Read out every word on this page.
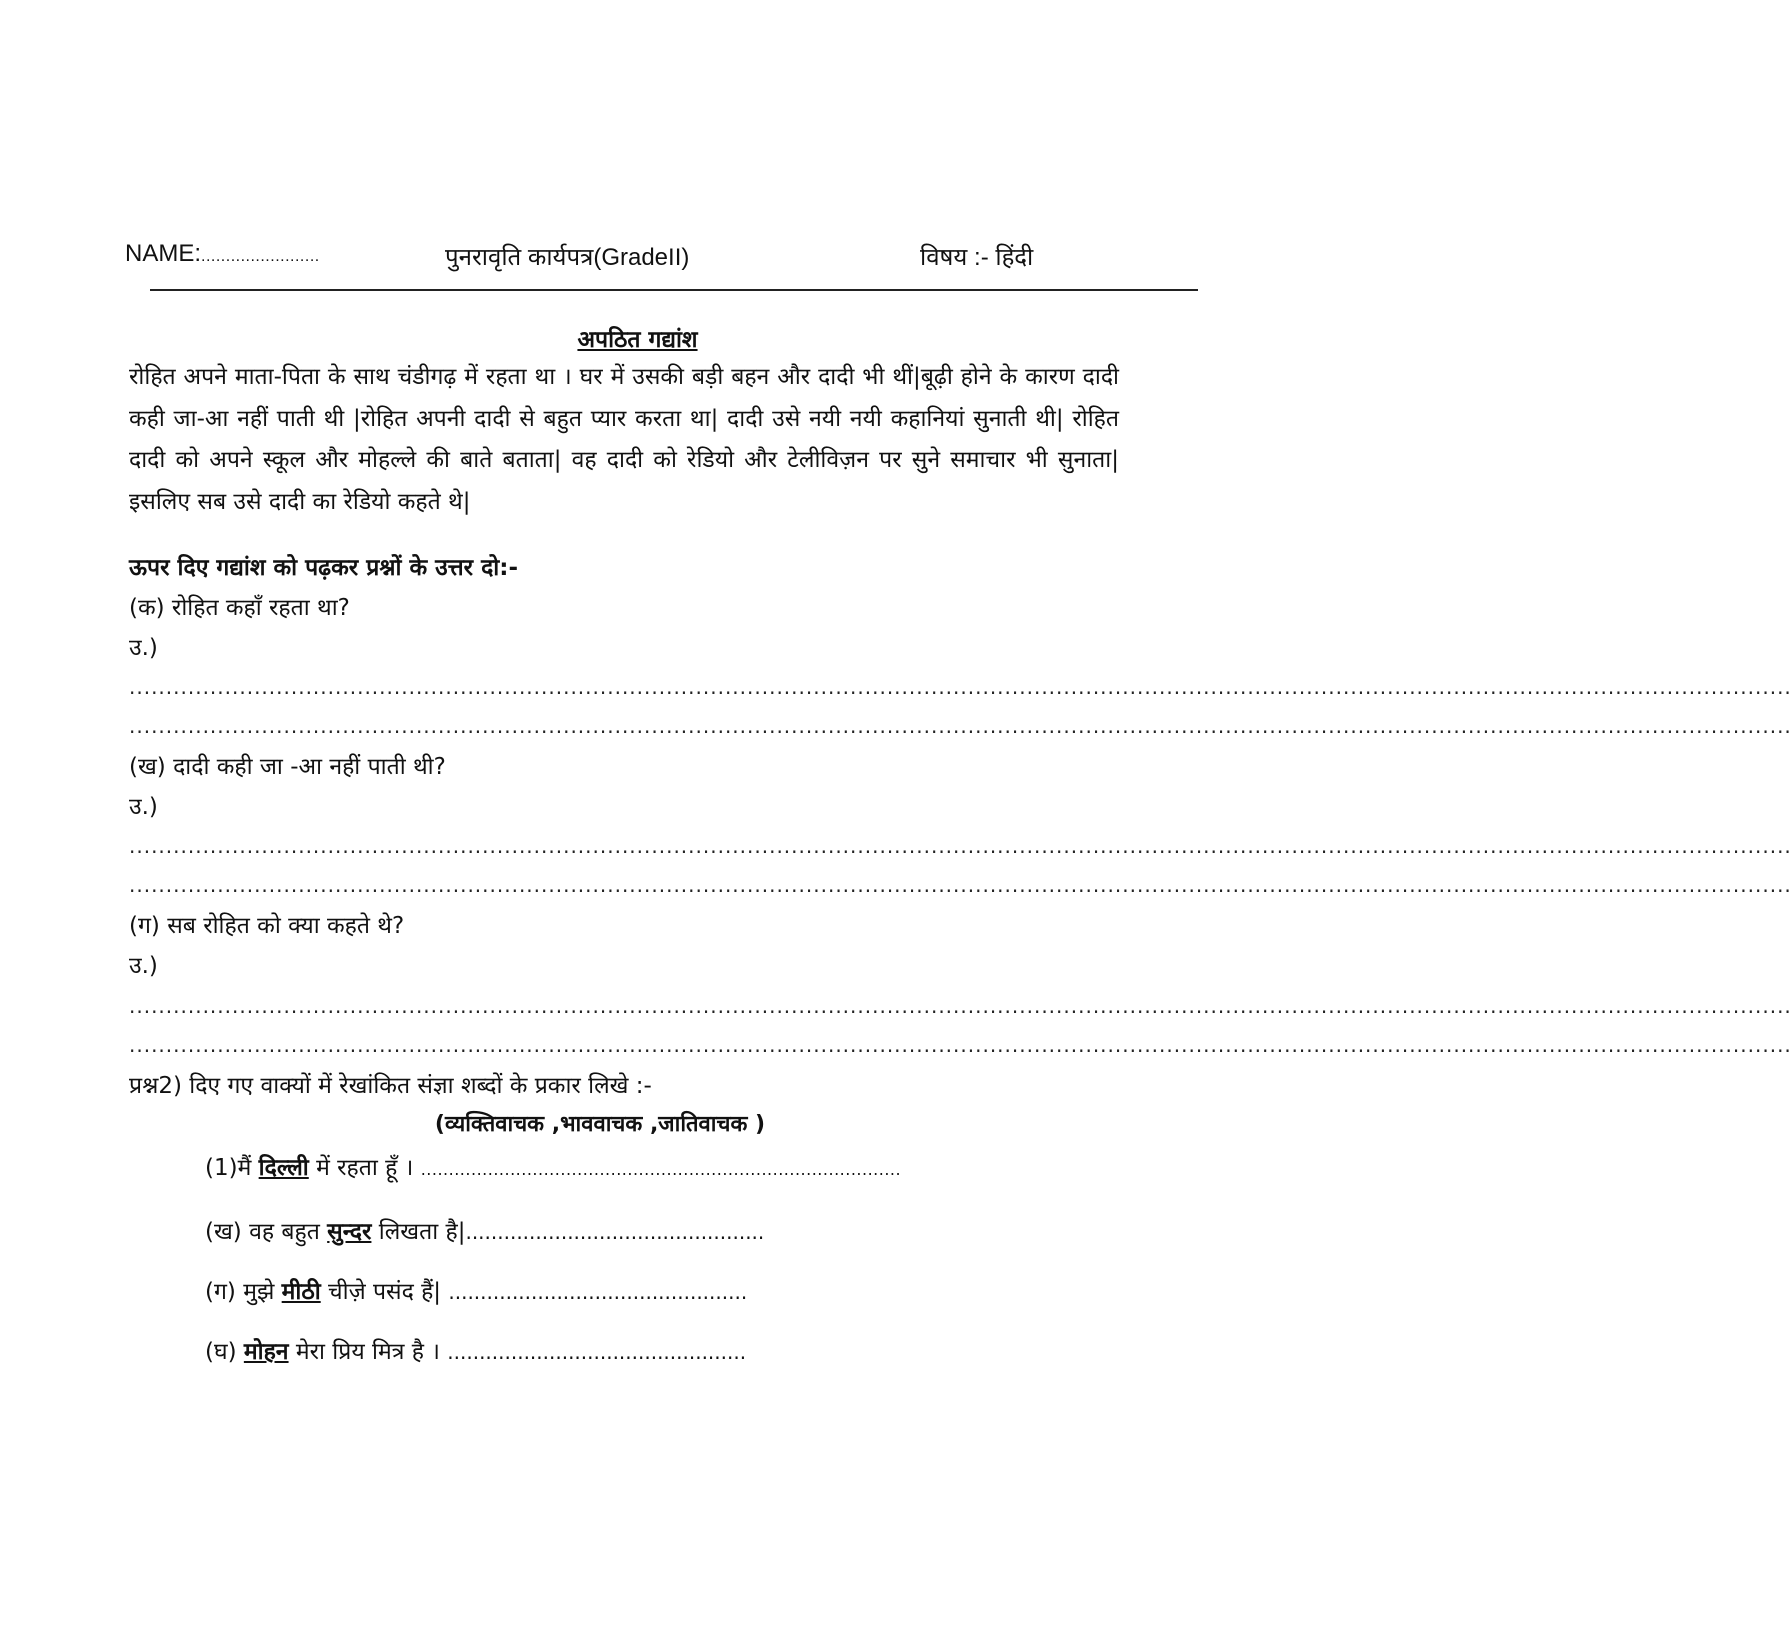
NAME:........................	पुनरावृति कार्यपत्र(GradeII)	विषय :- हिंदी
अपठित गद्यांश
रोहित अपने माता-पिता के साथ चंडीगढ़ में रहता था । घर में उसकी बड़ी बहन और दादी भी थीं|बूढ़ी होने के कारण दादी कही जा-आ नहीं पाती थी |रोहित अपनी दादी से बहुत प्यार करता था| दादी उसे नयी नयी कहानियां सुनाती थी| रोहित दादी को अपने स्कूल और मोहल्ले की बाते बताता| वह दादी को रेडियो और टेलीविज़न पर सुने समाचार भी सुनाता| इसलिए सब उसे दादी का रेडियो कहते थे|
ऊपर दिए गद्यांश को पढ़कर प्रश्नों के उत्तर दो:-
(क) रोहित कहाँ रहता था?
उ.)
..................................................................................................................................................................................................................................
..................................................................................................................................................................................................................................
(ख) दादी कही जा -आ नहीं पाती थी?
उ.)
..................................................................................................................................................................................................................................
..................................................................................................................................................................................................................................
(ग) सब रोहित को क्या कहते थे?
उ.)
..................................................................................................................................................................................................................................
..................................................................................................................................................................................................................................
प्रश्न2) दिए गए वाक्यों में रेखांकित संज्ञा शब्दों के प्रकार लिखे :-
(व्यक्तिवाचक ,भाववाचक ,जातिवाचक )
(1)मैं दिल्ली में रहता हूँ । ......................................................................................
(ख) वह बहुत सुन्दर लिखता है|...............................................
(ग) मुझे मीठी चीज़े पसंद हैं| ...............................................
(घ) मोहन मेरा प्रिय मित्र है । ...............................................
